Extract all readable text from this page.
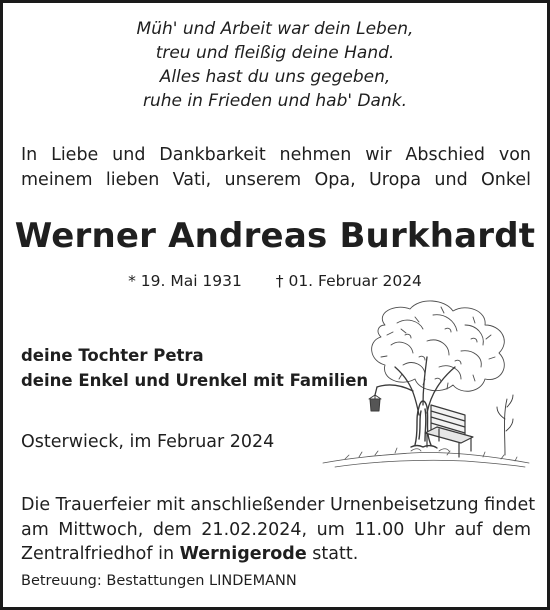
Müh' und Arbeit war dein Leben,
treu und fleißig deine Hand.
Alles hast du uns gegeben,
ruhe in Frieden und hab' Dank.
In Liebe und Dankbarkeit nehmen wir Abschied von
meinem lieben Vati, unserem Opa, Uropa und Onkel
Werner Andreas Burkhardt
* 19. Mai 1931 † 01. Februar 2024
deine Tochter Petra
deine Enkel und Urenkel mit Familien
Osterwieck, im Februar 2024
Die Trauerfeier mit anschließender Urnenbeisetzung findet
am Mittwoch, dem 21.02.2024, um 11.00 Uhr auf dem
Zentralfriedhof in Wernigerode statt.
Betreuung: Bestattungen LINDEMANN
